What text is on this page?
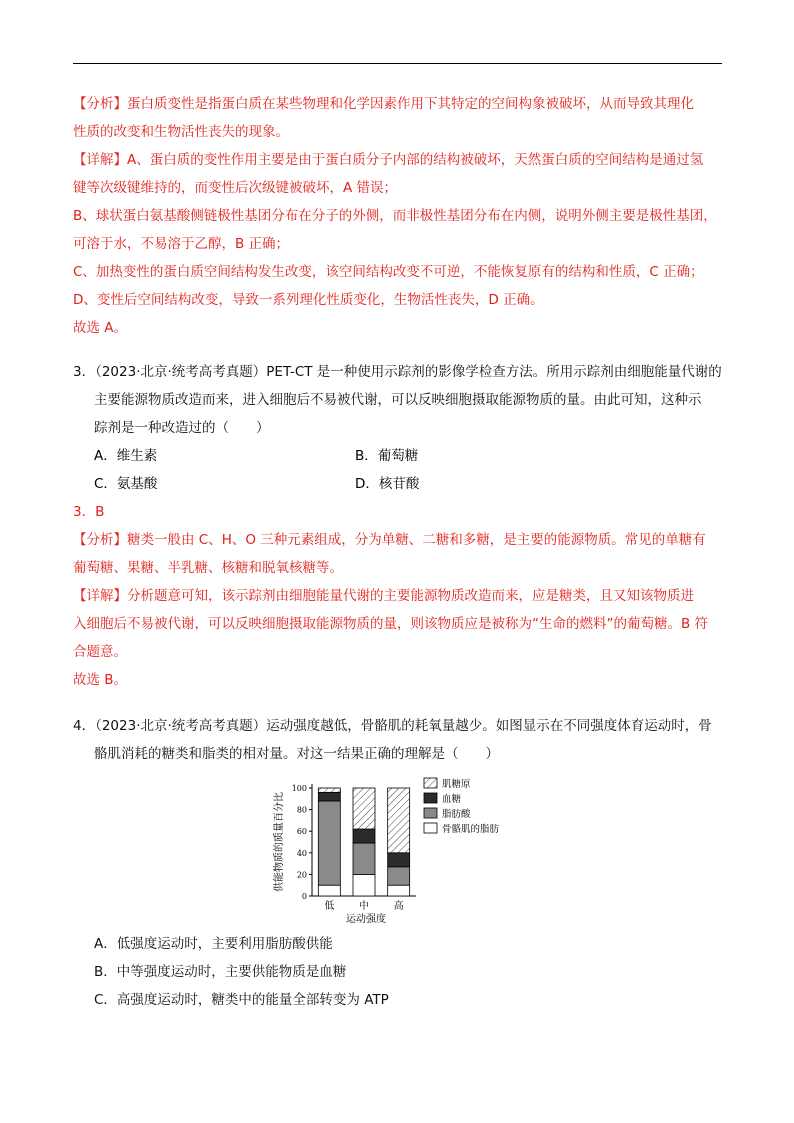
【分析】蛋白质变性是指蛋白质在某些物理和化学因素作用下其特定的空间构象被破坏，从而导致其理化
性质的改变和生物活性丧失的现象。

【详解】A、蛋白质的变性作用主要是由于蛋白质分子内部的结构被破坏，天然蛋白质的空间结构是通过氢
键等次级键维持的，而变性后次级键被破坏，A 错误；

B、球状蛋白氨基酸侧链极性基团分布在分子的外侧，而非极性基团分布在内侧，说明外侧主要是极性基团，
可溶于水，不易溶于乙醇，B 正确；

C、加热变性的蛋白质空间结构发生改变，该空间结构改变不可逆，不能恢复原有的结构和性质，C 正确；

D、变性后空间结构改变，导致一系列理化性质变化，生物活性丧失，D 正确。

故选 A。

3．（2023·北京·统考高考真题）PET-CT 是一种使用示踪剂的影像学检查方法。所用示踪剂由细胞能量代谢的
主要能源物质改造而来，进入细胞后不易被代谢，可以反映细胞摄取能源物质的量。由此可知，这种示
踪剂是一种改造过的（　　）

A．维生素	B．葡萄糖
C．氨基酸	D．核苷酸

3．B

【分析】糖类一般由 C、H、O 三种元素组成，分为单糖、二糖和多糖，是主要的能源物质。常见的单糖有
葡萄糖、果糖、半乳糖、核糖和脱氧核糖等。

【详解】分析题意可知，该示踪剂由细胞能量代谢的主要能源物质改造而来，应是糖类，且又知该物质进
入细胞后不易被代谢，可以反映细胞摄取能源物质的量，则该物质应是被称为“生命的燃料”的葡萄糖。B 符
合题意。

故选 B。

4．（2023·北京·统考高考真题）运动强度越低，骨骼肌的耗氧量越少。如图显示在不同强度体育运动时，骨
骼肌消耗的糖类和脂类的相对量。对这一结果正确的理解是（　　）

0
20
40
60
80
100
供能物质的质量百分比
运动强度
低 中 高
肌糖原
血糖
脂肪酸
骨骼肌的脂肪

A．低强度运动时，主要利用脂肪酸供能

B．中等强度运动时，主要供能物质是血糖

C．高强度运动时，糖类中的能量全部转变为 ATP
